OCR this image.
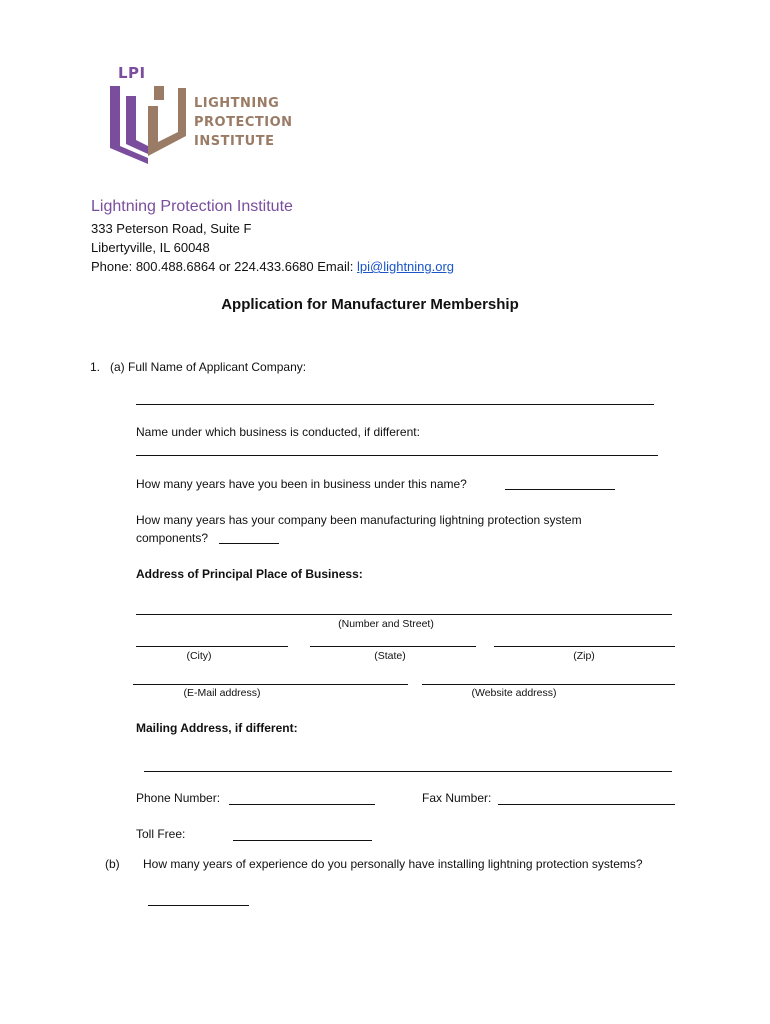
LPI
LIGHTNING
PROTECTION
INSTITUTE
Lightning Protection Institute
333 Peterson Road, Suite F
Libertyville, IL 60048
Phone: 800.488.6864 or 224.433.6680 Email: lpi@lightning.org
Application for Manufacturer Membership
1. (a) Full Name of Applicant Company:
Name under which business is conducted, if different:
How many years have you been in business under this name?
How many years has your company been manufacturing lightning protection system
components?
Address of Principal Place of Business:
(Number and Street)
(City)	(State)	(Zip)
(E-Mail address)	(Website address)
Mailing Address, if different:
Phone Number:	Fax Number:
Toll Free:
(b) How many years of experience do you personally have installing lightning protection systems?
